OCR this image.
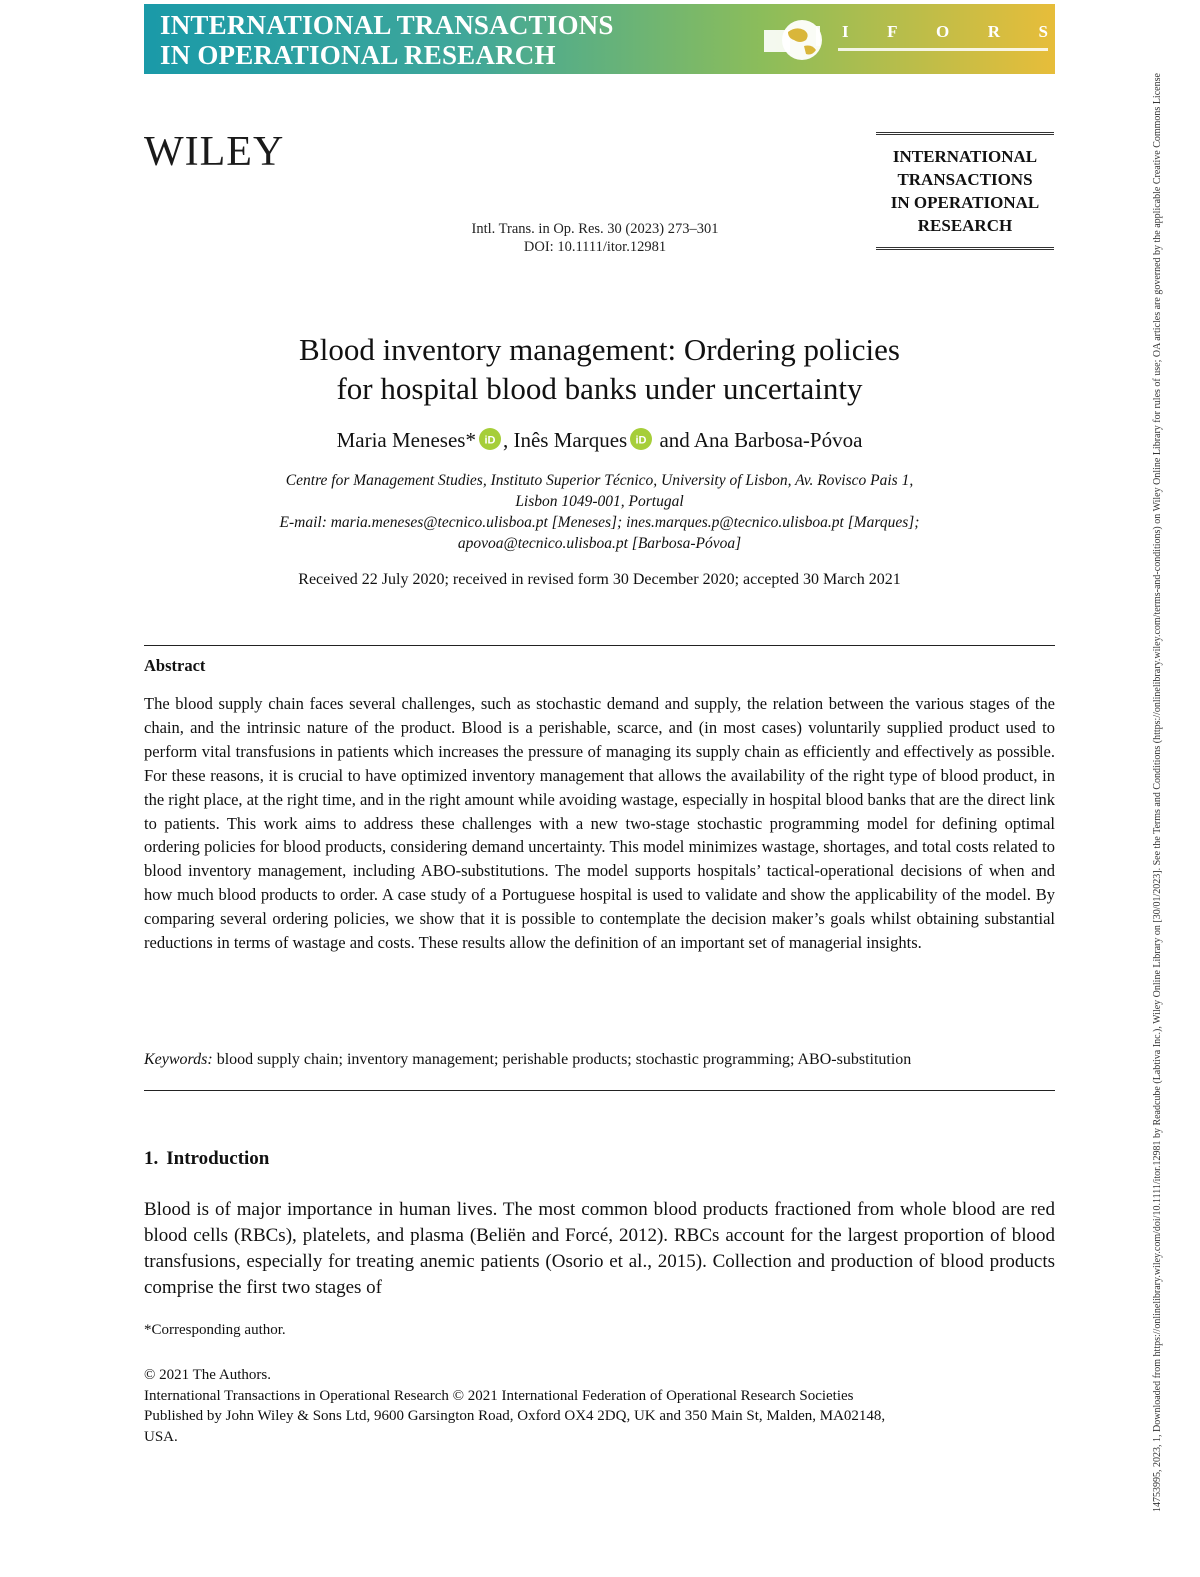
INTERNATIONAL TRANSACTIONS
IN OPERATIONAL RESEARCH
I F O R S
WILEY	INTERNATIONAL
TRANSACTIONS
IN OPERATIONAL
RESEARCH
Intl. Trans. in Op. Res. 30 (2023) 273–301
DOI: 10.1111/itor.12981
Blood inventory management: Ordering policies
for hospital blood banks under uncertainty
Maria Meneses* iD , Inês Marques iD and Ana Barbosa-Póvoa
Centre for Management Studies, Instituto Superior Técnico, University of Lisbon, Av. Rovisco Pais 1,
Lisbon 1049-001, Portugal
E-mail: maria.meneses@tecnico.ulisboa.pt [Meneses]; ines.marques.p@tecnico.ulisboa.pt [Marques];
apovoa@tecnico.ulisboa.pt [Barbosa-Póvoa]
Received 22 July 2020; received in revised form 30 December 2020; accepted 30 March 2021
Abstract

The blood supply chain faces several challenges, such as stochastic demand and supply, the relation between the various stages of the chain, and the intrinsic nature of the product. Blood is a perishable, scarce, and (in most cases) voluntarily supplied product used to perform vital transfusions in patients which increases the pressure of managing its supply chain as efficiently and effectively as possible. For these reasons, it is crucial to have optimized inventory management that allows the availability of the right type of blood product, in the right place, at the right time, and in the right amount while avoiding wastage, especially in hospital blood banks that are the direct link to patients. This work aims to address these challenges with a new two-stage stochastic programming model for defining optimal ordering policies for blood products, considering demand uncertainty. This model minimizes wastage, shortages, and total costs related to blood inventory management, including ABO-substitutions. The model supports hospitals’ tactical-operational decisions of when and how much blood products to order. A case study of a Portuguese hospital is used to validate and show the applicability of the model. By comparing several ordering policies, we show that it is possible to contemplate the decision maker’s goals whilst obtaining substantial reductions in terms of wastage and costs. These results allow the definition of an important set of managerial insights.

Keywords: blood supply chain; inventory management; perishable products; stochastic programming; ABO-substitution
1. Introduction

Blood is of major importance in human lives. The most common blood products fractioned from whole blood are red blood cells (RBCs), platelets, and plasma (Beliën and Forcé, 2012). RBCs account for the largest proportion of blood transfusions, especially for treating anemic patients (Osorio et al., 2015). Collection and production of blood products comprise the first two stages of

*Corresponding author.
© 2021 The Authors.
International Transactions in Operational Research © 2021 International Federation of Operational Research Societies
Published by John Wiley & Sons Ltd, 9600 Garsington Road, Oxford OX4 2DQ, UK and 350 Main St, Malden, MA02148,
USA.	14753995, 2023, 1, Downloaded from https://onlinelibrary.wiley.com/doi/10.1111/itor.12981 by Readcube (Labtiva Inc.), Wiley Online Library on [30/01/2023]. See the Terms and Conditions (https://onlinelibrary.wiley.com/terms-and-conditions) on Wiley Online Library for rules of use; OA articles are governed by the applicable Creative Commons License
